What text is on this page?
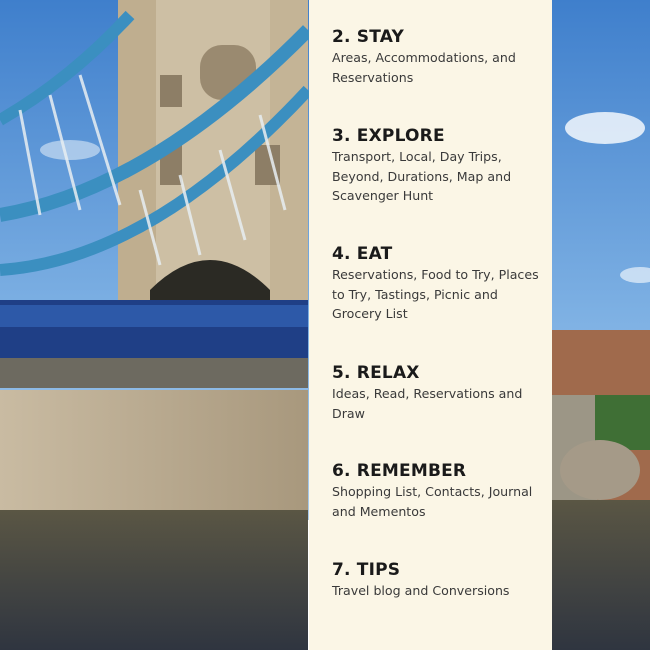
2. STAY

Areas, Accommodations, and Reservations

3. EXPLORE

Transport, Local, Day Trips, Beyond, Durations, Map and Scavenger Hunt

4. EAT

Reservations, Food to Try, Places to Try, Tastings, Picnic and Grocery List

5. RELAX

Ideas, Read, Reservations and Draw

6. REMEMBER

Shopping List, Contacts, Journal and Mementos

7. TIPS

Travel blog and Conversions
